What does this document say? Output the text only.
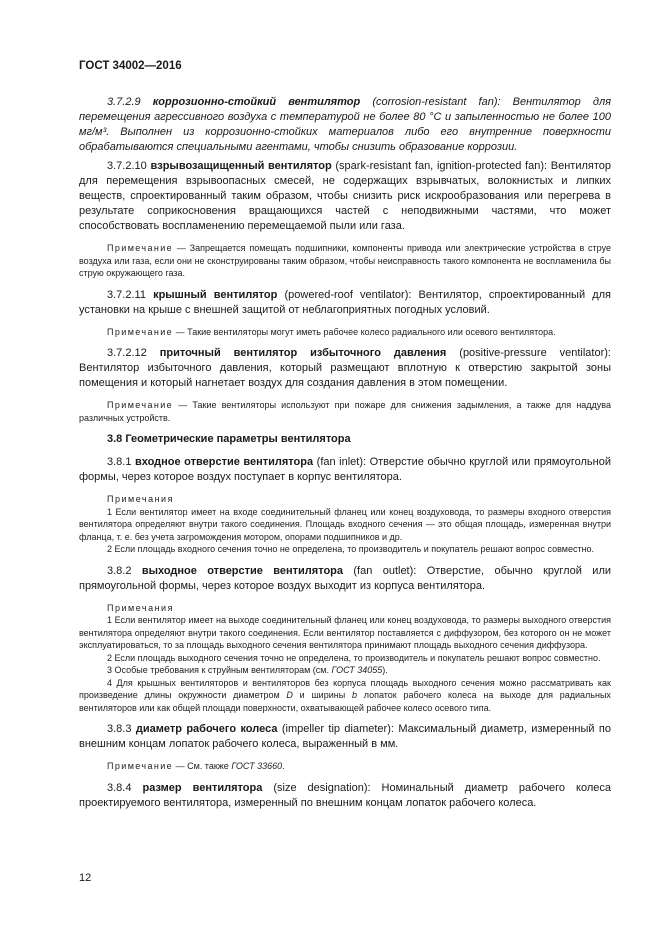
ГОСТ 34002—2016

3.7.2.9 коррозионно-стойкий вентилятор (corrosion-resistant fan): Вентилятор для перемещения агрессивного воздуха с температурой не более 80 °С и запыленностью не более 100 мг/м³. Выполнен из коррозионно-стойких материалов либо его внутренние поверхности обрабатываются специальными агентами, чтобы снизить образование коррозии.

3.7.2.10 взрывозащищенный вентилятор (spark-resistant fan, ignition-protected fan): Вентилятор для перемещения взрывоопасных смесей, не содержащих взрывчатых, волокнистых и липких веществ, спроектированный таким образом, чтобы снизить риск искрообразования или перегрева в результате соприкосновения вращающихся частей с неподвижными частями, что может способствовать воспламенению перемещаемой пыли или газа.

Примечание — Запрещается помещать подшипники, компоненты привода или электрические устройства в струе воздуха или газа, если они не сконструированы таким образом, чтобы неисправность такого компонента не воспламенила бы струю окружающего газа.

3.7.2.11 крышный вентилятор (powered-roof ventilator): Вентилятор, спроектированный для установки на крыше с внешней защитой от неблагоприятных погодных условий.

Примечание — Такие вентиляторы могут иметь рабочее колесо радиального или осевого вентилятора.

3.7.2.12 приточный вентилятор избыточного давления (positive-pressure ventilator): Вентилятор избыточного давления, который размещают вплотную к отверстию закрытой зоны помещения и который нагнетает воздух для создания давления в этом помещении.

Примечание — Такие вентиляторы используют при пожаре для снижения задымления, а также для наддува различных устройств.

3.8 Геометрические параметры вентилятора

3.8.1 входное отверстие вентилятора (fan inlet): Отверстие обычно круглой или прямоугольной формы, через которое воздух поступает в корпус вентилятора.

Примечания

1 Если вентилятор имеет на входе соединительный фланец или конец воздуховода, то размеры входного отверстия вентилятора определяют внутри такого соединения. Площадь входного сечения — это общая площадь, измеренная внутри фланца, т. е. без учета загромождения мотором, опорами подшипников и др.

2 Если площадь входного сечения точно не определена, то производитель и покупатель решают вопрос совместно.

3.8.2 выходное отверстие вентилятора (fan outlet): Отверстие, обычно круглой или прямоугольной формы, через которое воздух выходит из корпуса вентилятора.

Примечания

1 Если вентилятор имеет на выходе соединительный фланец или конец воздуховода, то размеры выходного отверстия вентилятора определяют внутри такого соединения. Если вентилятор поставляется с диффузором, без которого он не может эксплуатироваться, то за площадь выходного сечения вентилятора принимают площадь выходного сечения диффузора.

2 Если площадь выходного сечения точно не определена, то производитель и покупатель решают вопрос совместно.

3 Особые требования к струйным вентиляторам (см. ГОСТ 34055).

4 Для крышных вентиляторов и вентиляторов без корпуса площадь выходного сечения можно рассматривать как произведение длины окружности диаметром D и ширины b лопаток рабочего колеса на выходе для радиальных вентиляторов или как общей площади поверхности, охватывающей рабочее колесо осевого типа.

3.8.3 диаметр рабочего колеса (impeller tip diameter): Максимальный диаметр, измеренный по внешним концам лопаток рабочего колеса, выраженный в мм.

Примечание — См. также ГОСТ 33660.

3.8.4 размер вентилятора (size designation): Номинальный диаметр рабочего колеса проектируемого вентилятора, измеренный по внешним концам лопаток рабочего колеса.

12
